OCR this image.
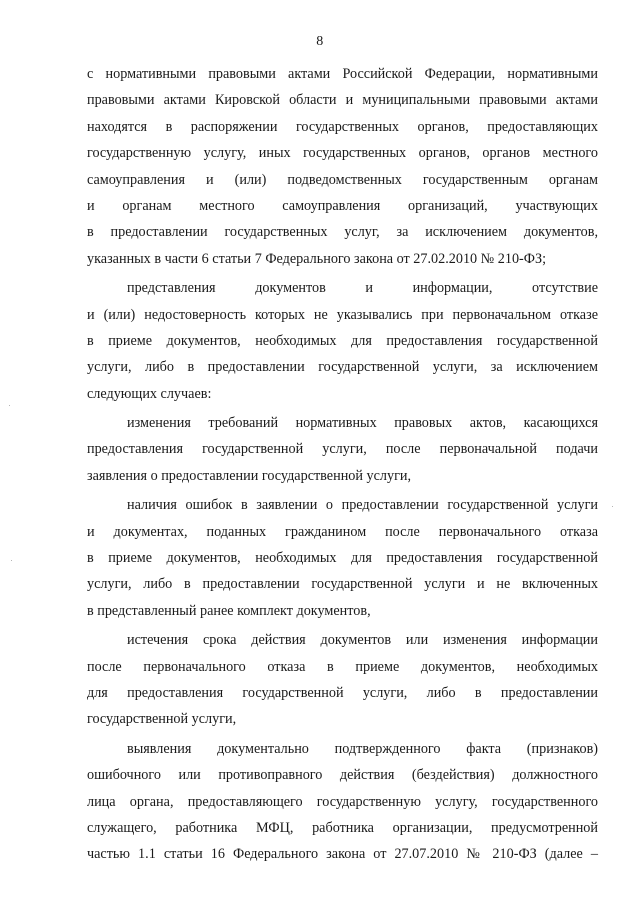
8
с нормативными правовыми актами Российской Федерации, нормативными
правовыми актами Кировской области и муниципальными правовыми актами
находятся в распоряжении государственных органов, предоставляющих
государственную услугу, иных государственных органов, органов местного
самоуправления и (или) подведомственных государственным органам
и органам местного самоуправления организаций, участвующих
в предоставлении государственных услуг, за исключением документов,
указанных в части 6 статьи 7 Федерального закона от 27.02.2010 № 210-ФЗ;
представления документов и информации, отсутствие
и (или) недостоверность которых не указывались при первоначальном отказе
в приеме документов, необходимых для предоставления государственной
услуги, либо в предоставлении государственной услуги, за исключением
следующих случаев:
изменения требований нормативных правовых актов, касающихся
предоставления государственной услуги, после первоначальной подачи
заявления о предоставлении государственной услуги,
наличия ошибок в заявлении о предоставлении государственной услуги
и документах, поданных гражданином после первоначального отказа
в приеме документов, необходимых для предоставления государственной
услуги, либо в предоставлении государственной услуги и не включенных
в представленный ранее комплект документов,
истечения срока действия документов или изменения информации
после первоначального отказа в приеме документов, необходимых
для предоставления государственной услуги, либо в предоставлении
государственной услуги,
выявления документально подтвержденного факта (признаков)
ошибочного или противоправного действия (бездействия) должностного
лица органа, предоставляющего государственную услугу, государственного
служащего, работника МФЦ, работника организации, предусмотренной
частью 1.1 статьи 16 Федерального закона от 27.07.2010 № 210-ФЗ (далее –
